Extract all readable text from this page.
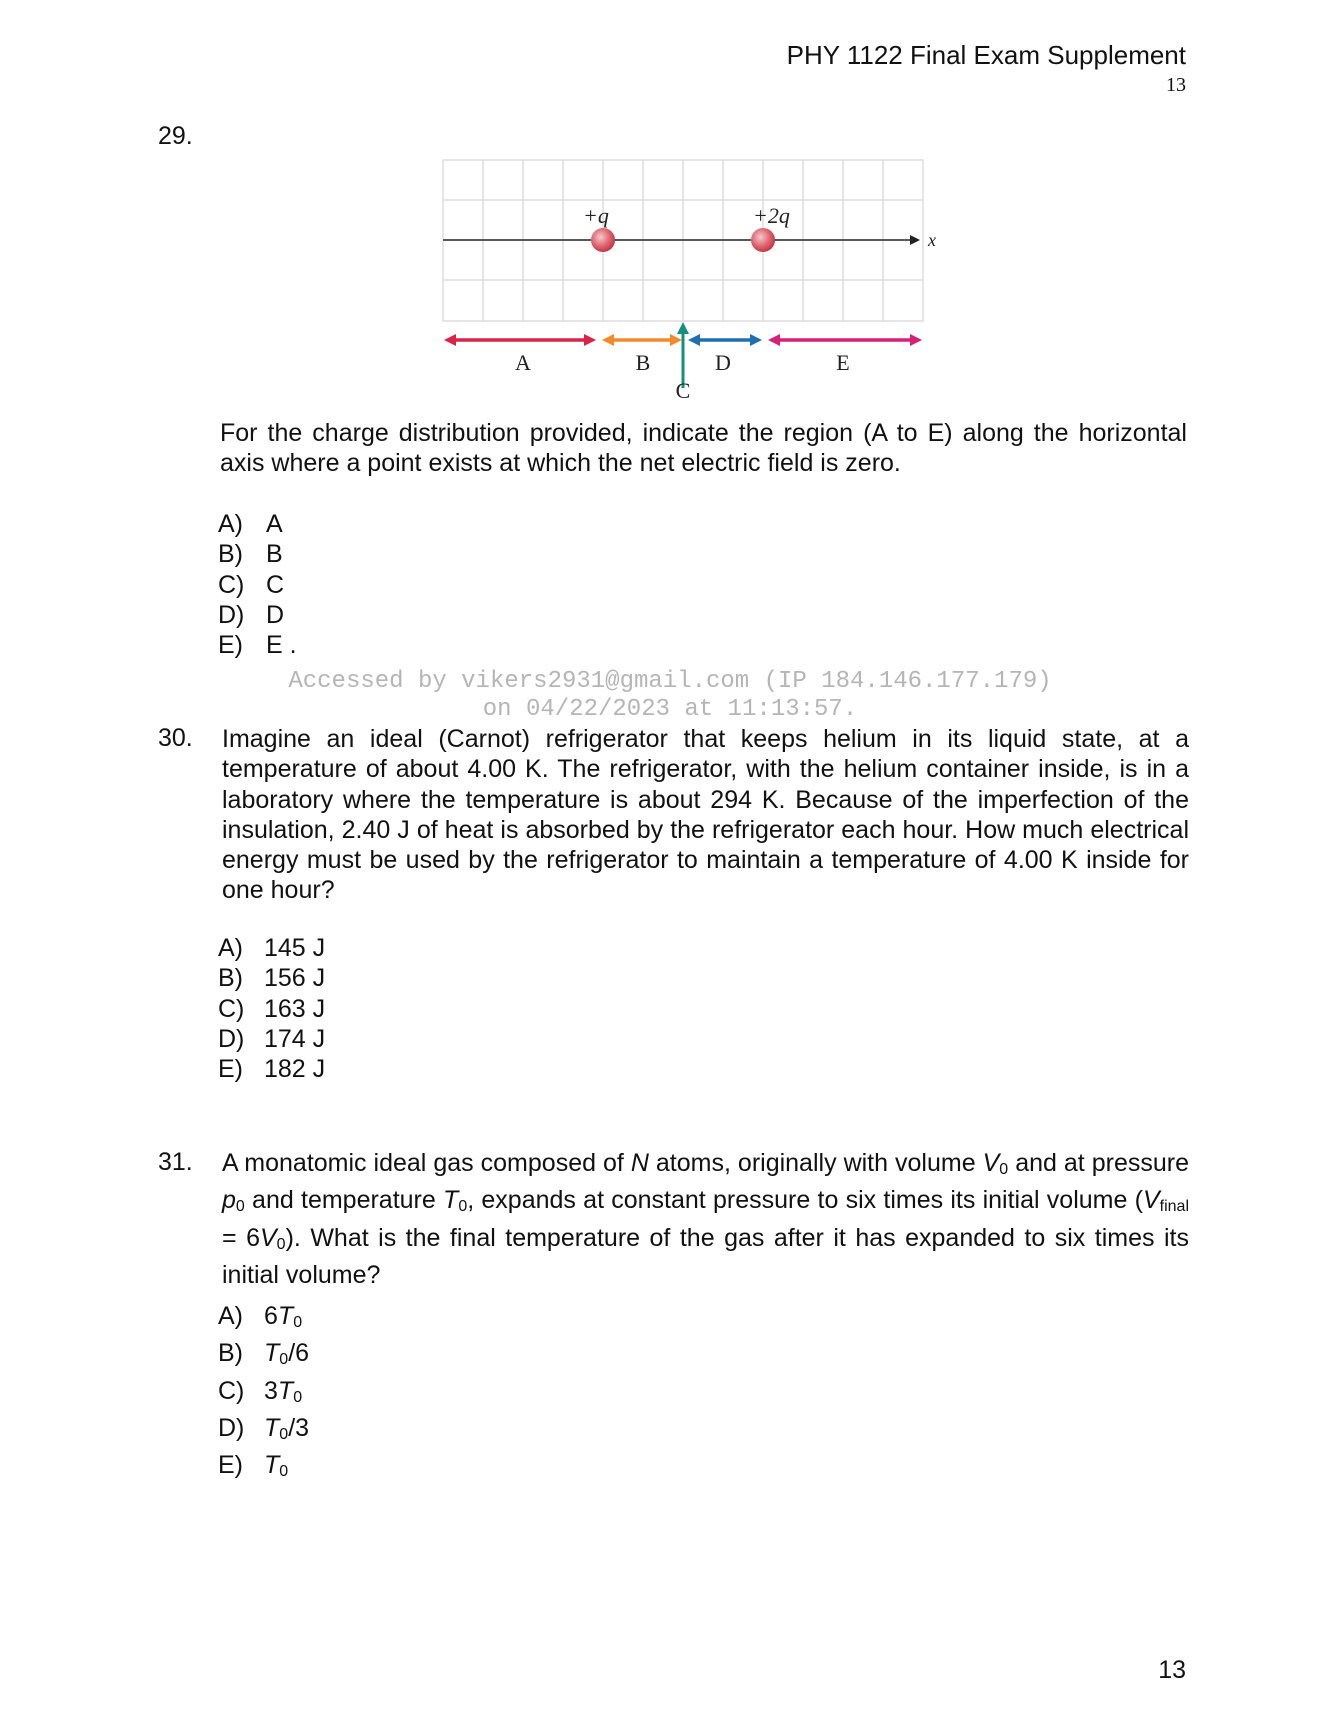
PHY 1122 Final Exam Supplement
13
29.
x
+q	+2q
A	B
C
D	E
For the charge distribution provided, indicate the region (A to E) along the horizontal axis where a point exists at which the net electric field is zero.
A) A
B) B
C) C
D) D
E) E .
Accessed by vikers2931@gmail.com (IP 184.146.177.179)
on 04/22/2023 at 11:13:57.
30. Imagine an ideal (Carnot) refrigerator that keeps helium in its liquid state, at a temperature of about 4.00 K. The refrigerator, with the helium container inside, is in a laboratory where the temperature is about 294 K. Because of the imperfection of the insulation, 2.40 J of heat is absorbed by the refrigerator each hour. How much electrical energy must be used by the refrigerator to maintain a temperature of 4.00 K inside for one hour?
A) 145 J
B) 156 J
C) 163 J
D) 174 J
E) 182 J
31. A monatomic ideal gas composed of N atoms, originally with volume $V_0$ and at pressure $p_0$ and temperature $T_0$, expands at constant pressure to six times its initial volume $(V_{final} = 6V_0)$. What is the final temperature of the gas after it has expanded to six times its initial volume?
A) $6T_0$
B) $T_0/6$
C) $3T_0$
D) $T_0/3$
E) $T_0$
13
